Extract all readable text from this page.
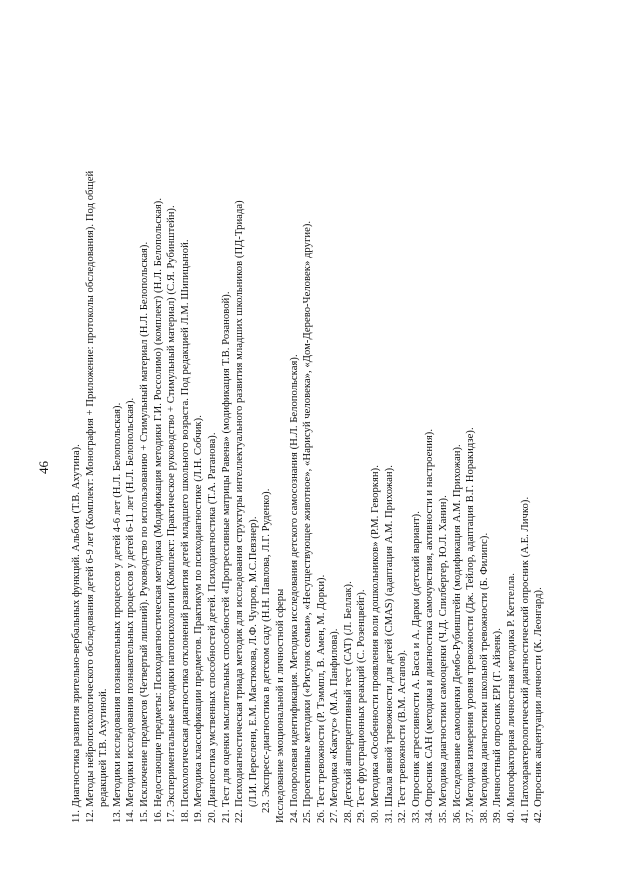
46 11. Диагностика развития зрительно-вербальных функций. Альбом (Т.В. Ахутина). 12. Методы нейропсихологического обследования детей 6-9 лет (Комплект: Монография + Приложение: протоколы обследования). Под общей редакцией Т.В. Ахутиной. 13. Методики исследования познавательных процессов у детей 4-6 лет (Н.Л. Белопольская). 14. Методики исследования познавательных процессов у детей 6-11 лет (Н.Л. Белопольская). 15. Исключение предметов (Четвертый лишний). Руководство по использованию + Стимульный материал (Н.Л. Белопольская). 16. Недостающие предметы: Психодиагностическая методика (Модификация методики Г.И. Россолимо) (комплект) (Н.Л. Белопольская). 17. Экспериментальные методики патопсихологии (Комплект: Практическое руководство + Стимульный материал) (С.Я. Рубинштейн). 18. Психологическая диагностика отклонений развития детей младшего школьного возраста. Под редакцией Л.М. Шипицыной. 19. Методика классификации предметов. Практикум по психодиагностике (Л.Н. Собчик). 20. Диагностика умственных способностей детей. Психодиагностика (Т.А. Ратанова). 21. Тест для оценки мыслительных способностей «Прогрессивные матрицы Равена» (модификация Т.В. Розановой). 22. Психодиагностическая триада методик для исследования структуры интеллектуального развития младших школьников (ПД-Триада) (Л.И. Переслени, Е.М. Мастюкова, Л.Ф. Чупров, М.С.Певзнер). 23. Экспресс-диагностика в детском саду (Н.Н. Павлова, Л.Г. Руденко). Исследование эмоциональной и личностной сферы 24. Полоролевая идентификация. Методика исследования детского самосознания (Н.Л. Белопольская). 25. Проективные методики («Рисунок семьи», «Несуществующее животное», «Нарисуй человека», «Дом-Дерево-Человек» другие). 26. Тест тревожности (Р. Тэммпл, В. Амен, М. Дорки). 27. Методика «Кактус» (М.А. Панфилова). 28. Детский апперцептивный тест (САТ) (Л. Беллак). 29. Тест фрустрационных реакций (С. Розенцвейг). 30. Методика «Особенности проявления воли дошкольников» (Р.М. Геворкян). 31. Шкала явной тревожности для детей (CMAS) (адаптация А.М. Прихожан). 32. Тест тревожности (В.М. Астапов). 33. Опросник агрессивности А. Басса и А. Дарки (детский вариант). 34. Опросник САН (методика и диагностика самочувствия, активности и настроения). 35. Методика диагностики самооценки (Ч.Д. Спилбергер, Ю.Л. Ханин). 36. Исследование самооценки Дембо-Рубинштейн (модификация А.М. Прихожан). 37. Методика измерения уровня тревожности (Дж. Тейлор, адаптация В.Г. Норакидзе). 38. Методика диагностики школьной тревожности (Б. Филипс). 39. Личностный опросник EPI (Г. Айзенк). 40. Многофакторная личностная методика Р. Кеттелла. 41. Патохарактерологический диагностический опросник (А.Е. Личко). 42. Опросник акцентуации личности (К. Леонгард).
